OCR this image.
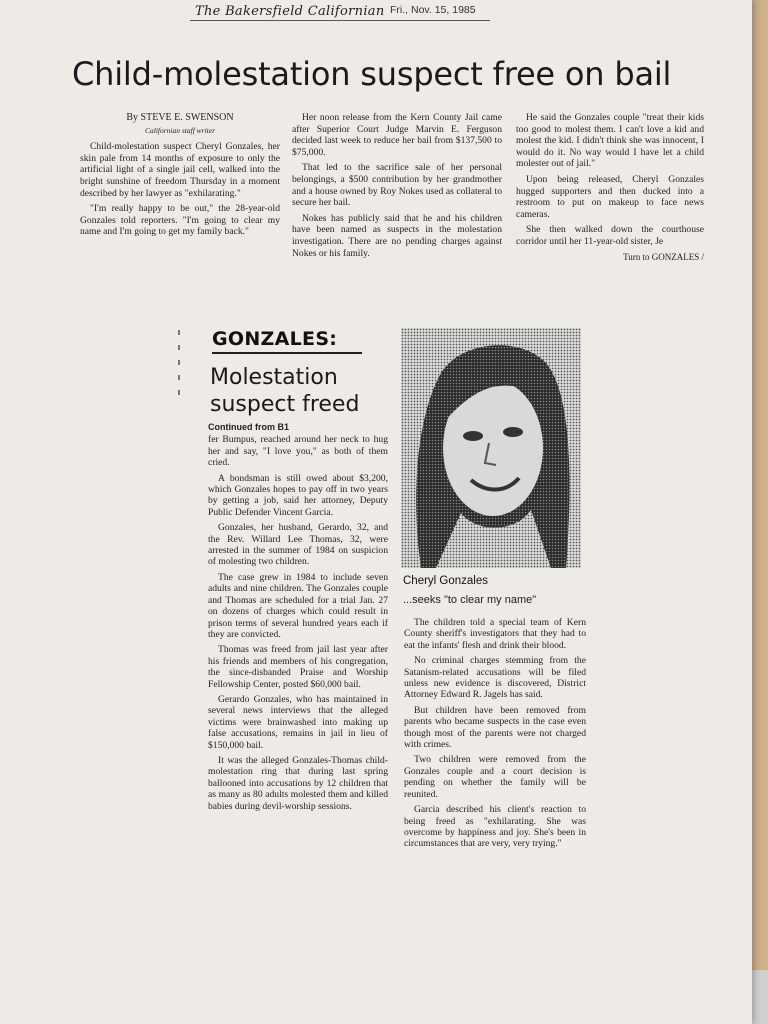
The Bakersfield Californian Fri., Nov. 15, 1985
Child-molestation suspect free on bail
By STEVE E. SWENSON
Californian staff writer

Child-molestation suspect Cheryl Gonzales, her skin pale from 14 months of exposure to only the artificial light of a single jail cell, walked into the bright sunshine of freedom Thursday in a moment described by her lawyer as "exhilarating."

"I'm really happy to be out," the 28-year-old Gonzales told reporters. "I'm going to clear my name and I'm going to get my family back."

Her noon release from the Kern County Jail came after Superior Court Judge Marvin E. Ferguson decided last week to reduce her bail from $137,500 to $75,000.

That led to the sacrifice sale of her personal belongings, a $500 contribution by her grandmother and a house owned by Roy Nokes used as collateral to secure her bail.

Nokes has publicly said that he and his children have been named as suspects in the molestation investigation. There are no pending charges against Nokes or his family.

He said the Gonzales couple "treat their kids too good to molest them. I can't love a kid and molest the kid. I didn't think she was innocent, I would do it. No way would I have let a child molester out of jail."

Upon being released, Cheryl Gonzales hugged supporters and then ducked into a restroom to put on makeup to face news cameras.

She then walked down the courthouse corridor until her 11-year-old sister, Je

Turn to GONZALES /

GONZALES:
Molestation
suspect freed

Continued from B1

fer Bumpus, reached around her neck to hug her and say, "I love you," as both of them cried.

A bondsman is still owed about $3,200, which Gonzales hopes to pay off in two years by getting a job, said her attorney, Deputy Public Defender Vincent Garcia.

Gonzales, her husband, Gerardo, 32, and the Rev. Willard Lee Thomas, 32, were arrested in the summer of 1984 on suspicion of molesting two children.

The case grew in 1984 to include seven adults and nine children. The Gonzales couple and Thomas are scheduled for a trial Jan. 27 on dozens of charges which could result in prison terms of several hundred years each if they are convicted.

Thomas was freed from jail last year after his friends and members of his congregation, the since-disbanded Praise and Worship Fellowship Center, posted $60,000 bail.

Gerardo Gonzales, who has maintained in several news interviews that the alleged victims were brainwashed into making up false accusations, remains in jail in lieu of $150,000 bail.

It was the alleged Gonzales-Thomas child-molestation ring that during last spring ballooned into accusations by 12 children that as many as 80 adults molested them and killed babies during devil-worship sessions.

Cheryl Gonzales
...seeks "to clear my name"

The children told a special team of Kern County sheriff's investigators that they had to eat the infants' flesh and drink their blood.

No criminal charges stemming from the Satanism-related accusations will be filed unless new evidence is discovered, District Attorney Edward R. Jagels has said.

But children have been removed from parents who became suspects in the case even though most of the parents were not charged with crimes.

Two children were removed from the Gonzales couple and a court decision is pending on whether the family will be reunited.

Garcia described his client's reaction to being freed as "exhilarating. She was overcome by happiness and joy. She's been in circumstances that are very, very trying."
